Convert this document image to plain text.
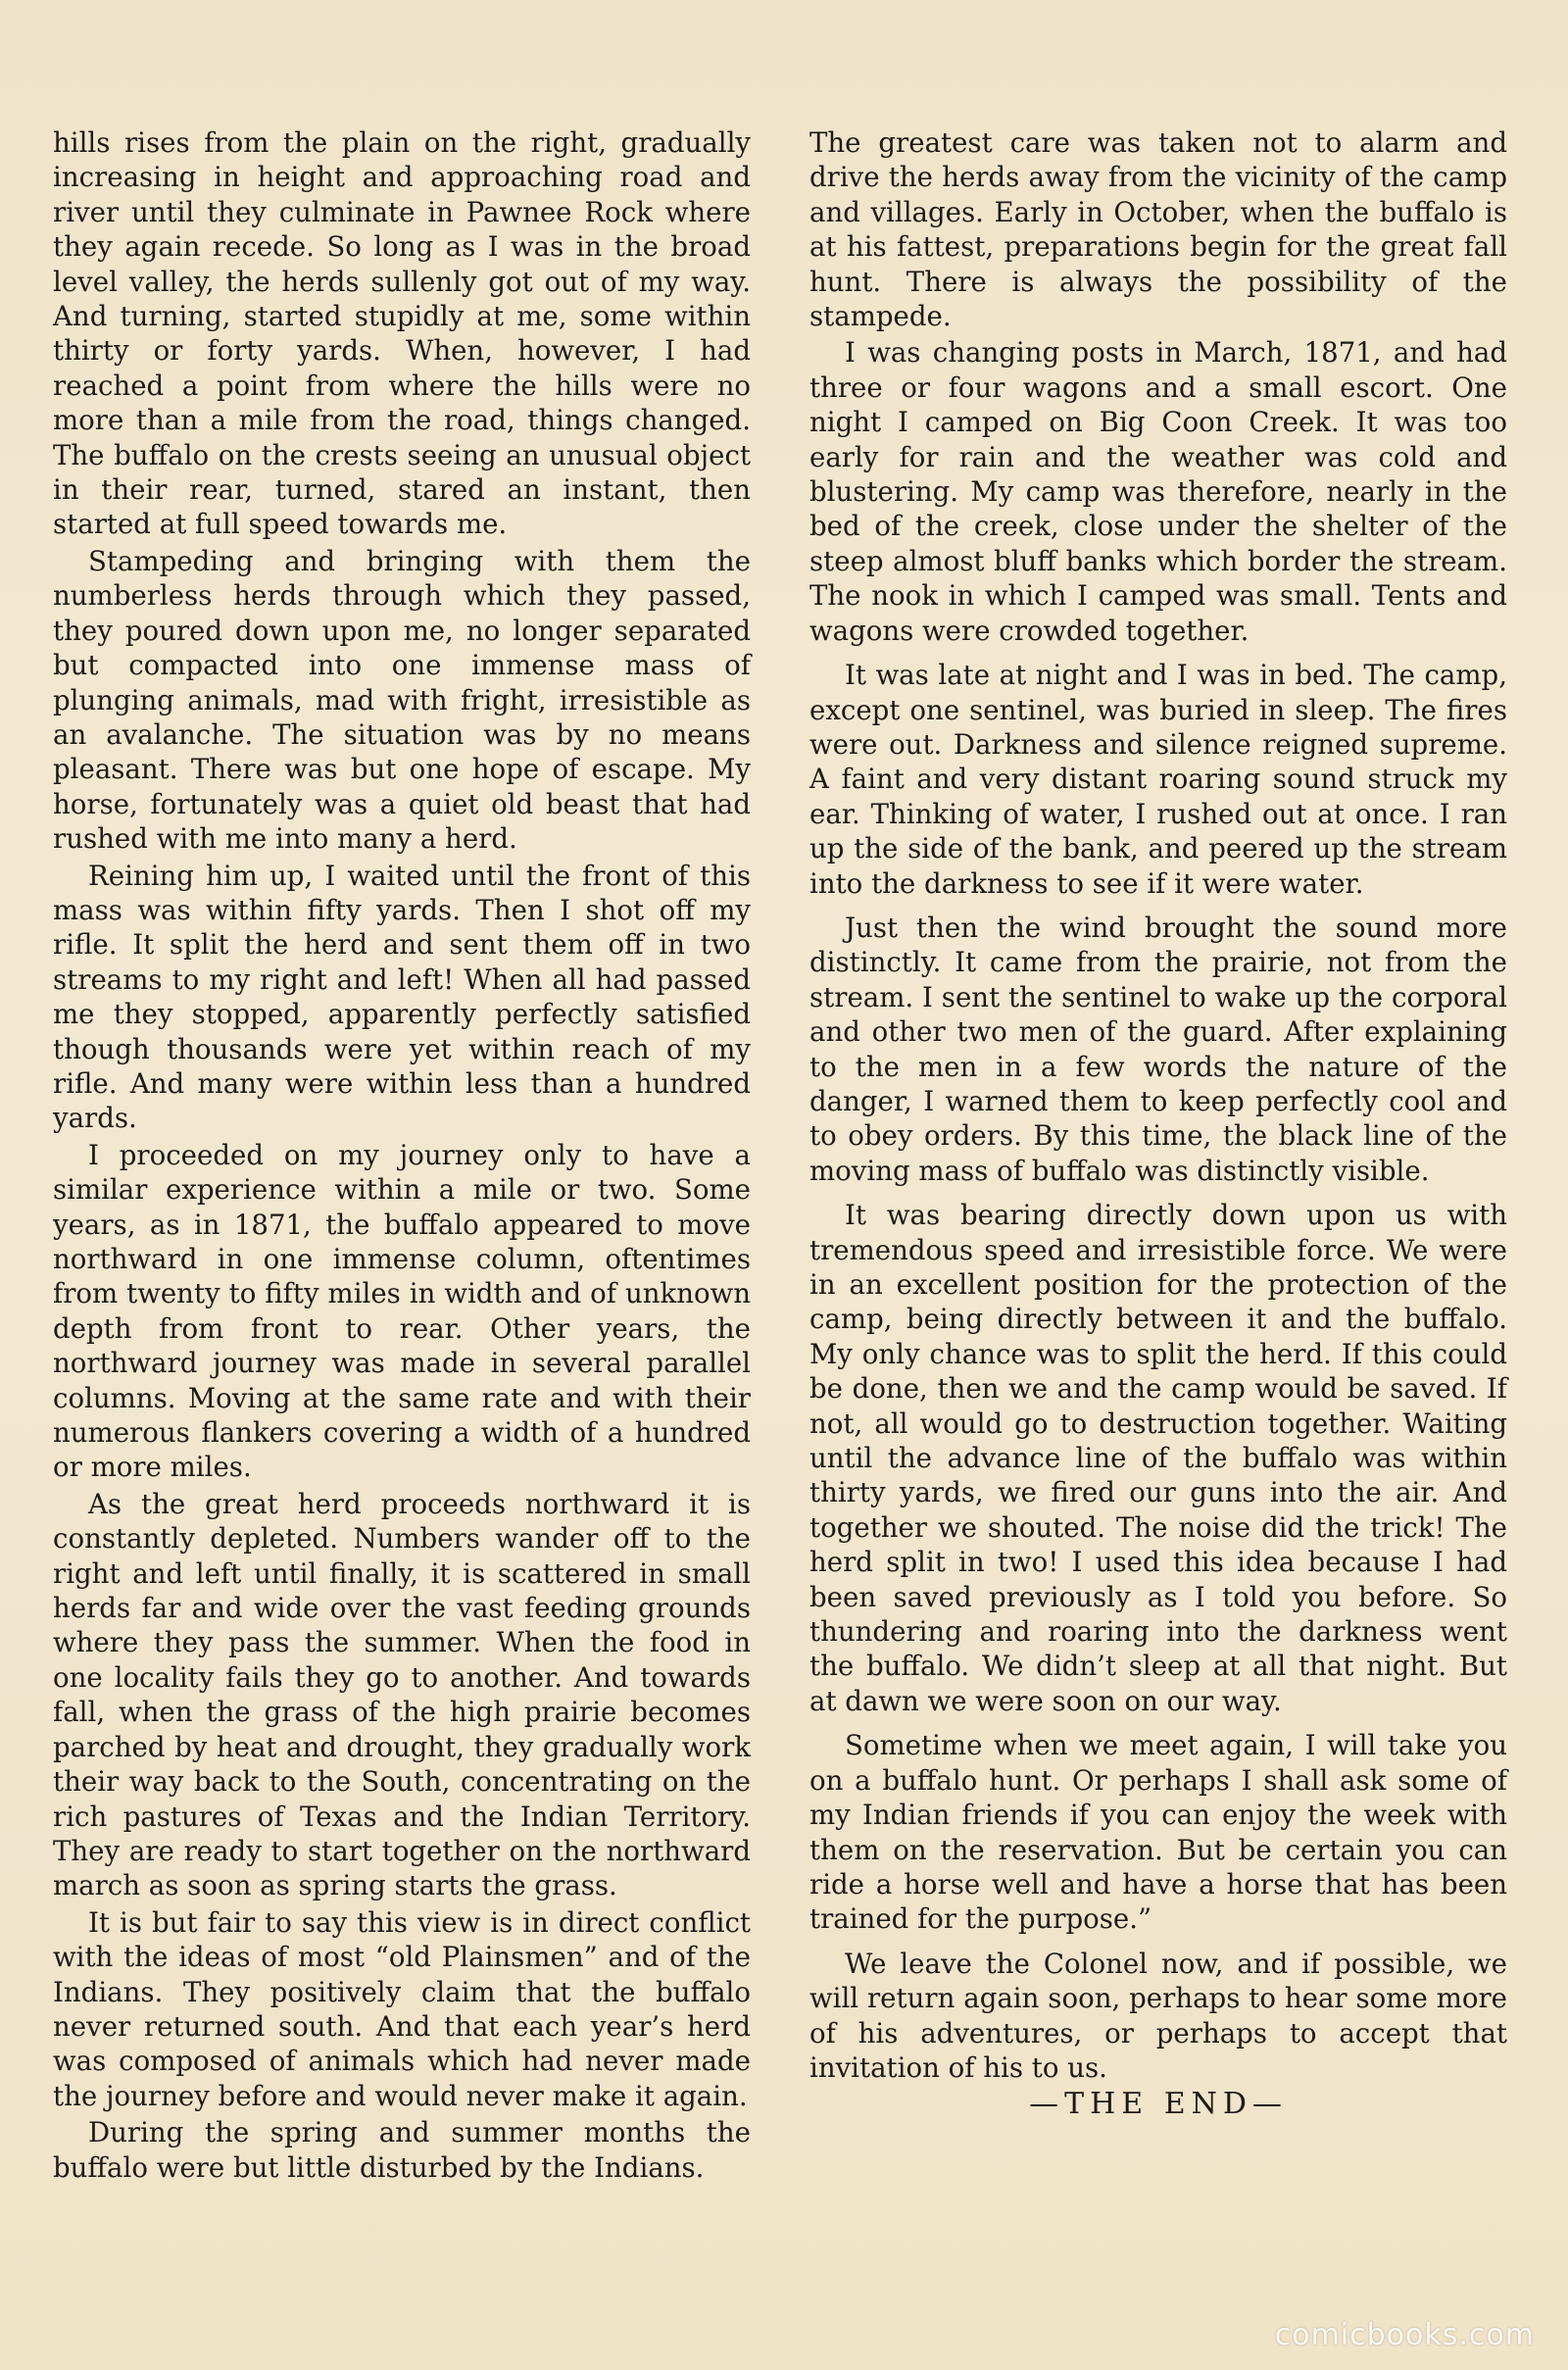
hills rises from the plain on the right, gradually increasing in height and approaching road and river until they culminate in Pawnee Rock where they again recede. So long as I was in the broad level valley, the herds sullenly got out of my way. And turning, started stupidly at me, some within thirty or forty yards. When, however, I had reached a point from where the hills were no more than a mile from the road, things changed. The buffalo on the crests seeing an unusual object in their rear, turned, stared an instant, then started at full speed towards me.

Stampeding and bringing with them the numberless herds through which they passed, they poured down upon me, no longer separated but compacted into one immense mass of plunging animals, mad with fright, irresistible as an avalanche. The situation was by no means pleasant. There was but one hope of escape. My horse, fortunately was a quiet old beast that had rushed with me into many a herd.

Reining him up, I waited until the front of this mass was within fifty yards. Then I shot off my rifle. It split the herd and sent them off in two streams to my right and left! When all had passed me they stopped, apparently perfectly satisfied though thousands were yet within reach of my rifle. And many were within less than a hundred yards.

I proceeded on my journey only to have a similar experience within a mile or two. Some years, as in 1871, the buffalo appeared to move northward in one immense column, oftentimes from twenty to fifty miles in width and of unknown depth from front to rear. Other years, the northward journey was made in several parallel columns. Moving at the same rate and with their numerous flankers covering a width of a hundred or more miles.

As the great herd proceeds northward it is constantly depleted. Numbers wander off to the right and left until finally, it is scattered in small herds far and wide over the vast feeding grounds where they pass the summer. When the food in one locality fails they go to another. And towards fall, when the grass of the high prairie becomes parched by heat and drought, they gradually work their way back to the South, concentrating on the rich pastures of Texas and the Indian Territory. They are ready to start together on the northward march as soon as spring starts the grass.

It is but fair to say this view is in direct conflict with the ideas of most “old Plainsmen” and of the Indians. They positively claim that the buffalo never returned south. And that each year’s herd was composed of animals which had never made the journey before and would never make it again.

During the spring and summer months the buffalo were but little disturbed by the Indians.

The greatest care was taken not to alarm and drive the herds away from the vicinity of the camp and villages. Early in October, when the buffalo is at his fattest, preparations begin for the great fall hunt. There is always the possibility of the stampede.

I was changing posts in March, 1871, and had three or four wagons and a small escort. One night I camped on Big Coon Creek. It was too early for rain and the weather was cold and blustering. My camp was therefore, nearly in the bed of the creek, close under the shelter of the steep almost bluff banks which border the stream. The nook in which I camped was small. Tents and wagons were crowded together.

It was late at night and I was in bed. The camp, except one sentinel, was buried in sleep. The fires were out. Darkness and silence reigned supreme. A faint and very distant roaring sound struck my ear. Thinking of water, I rushed out at once. I ran up the side of the bank, and peered up the stream into the darkness to see if it were water.

Just then the wind brought the sound more distinctly. It came from the prairie, not from the stream. I sent the sentinel to wake up the corporal and other two men of the guard. After explaining to the men in a few words the nature of the danger, I warned them to keep perfectly cool and to obey orders. By this time, the black line of the moving mass of buffalo was distinctly visible.

It was bearing directly down upon us with tremendous speed and irresistible force. We were in an excellent position for the protection of the camp, being directly between it and the buffalo. My only chance was to split the herd. If this could be done, then we and the camp would be saved. If not, all would go to destruction together. Waiting until the advance line of the buffalo was within thirty yards, we fired our guns into the air. And together we shouted. The noise did the trick! The herd split in two! I used this idea because I had been saved previously as I told you before. So thundering and roaring into the darkness went the buffalo. We didn’t sleep at all that night. But at dawn we were soon on our way.

Sometime when we meet again, I will take you on a buffalo hunt. Or perhaps I shall ask some of my Indian friends if you can enjoy the week with them on the reservation. But be certain you can ride a horse well and have a horse that has been trained for the purpose.”

We leave the Colonel now, and if possible, we will return again soon, perhaps to hear some more of his adventures, or perhaps to accept that invitation of his to us.

—THE END—

comicbooks.com
